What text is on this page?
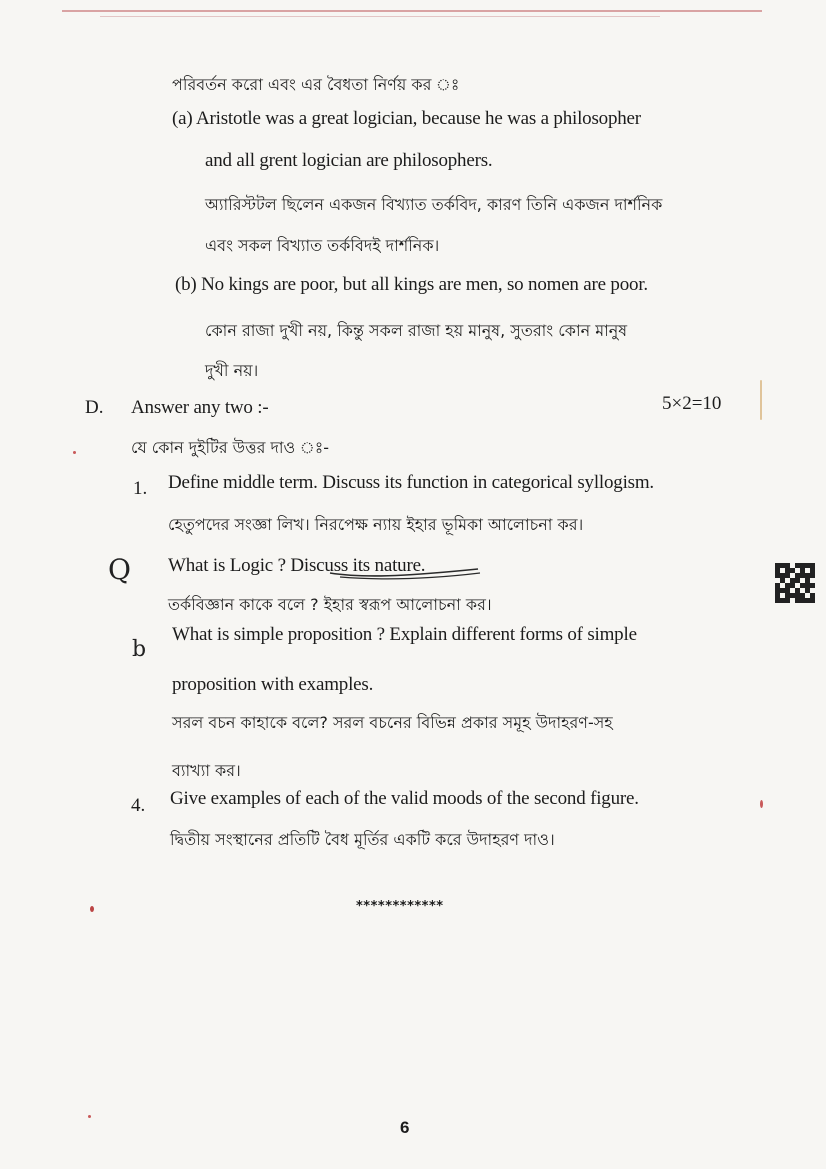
পরিবর্তন করো এবং এর বৈধতা নির্ণয় কর ঃ
(a) Aristotle was a great logician, because he was a philosopher
and all grent logician are philosophers.
অ্যারিস্টটল ছিলেন একজন বিখ্যাত তর্কবিদ, কারণ তিনি একজন দার্শনিক
এবং সকল বিখ্যাত তর্কবিদই দার্শনিক।
(b) No kings are poor, but all kings are men, so nomen are poor.
কোন রাজা দুখী নয়, কিন্তু সকল রাজা হয় মানুষ, সুতরাং কোন মানুষ
দুখী নয়।
D. Answer any two :-	5×2=10
যে কোন দুইটির উত্তর দাও ঃ-
1. Define middle term. Discuss its function in categorical syllogism.
হেতুপদের সংজ্ঞা লিখ। নিরপেক্ষ ন্যায় ইহার ভূমিকা আলোচনা কর।
Q What is Logic ? Discuss its nature.
তর্কবিজ্ঞান কাকে বলে ? ইহার স্বরূপ আলোচনা কর।
b
What is simple proposition ? Explain different forms of simple
proposition with examples.
সরল বচন কাহাকে বলে? সরল বচনের বিভিন্ন প্রকার সমূহ উদাহরণ-সহ
ব্যাখ্যা কর।
4. Give examples of each of the valid moods of the second figure.
দ্বিতীয় সংস্থানের প্রতিটি বৈধ মূর্তির একটি করে উদাহরণ দাও।
************
6
